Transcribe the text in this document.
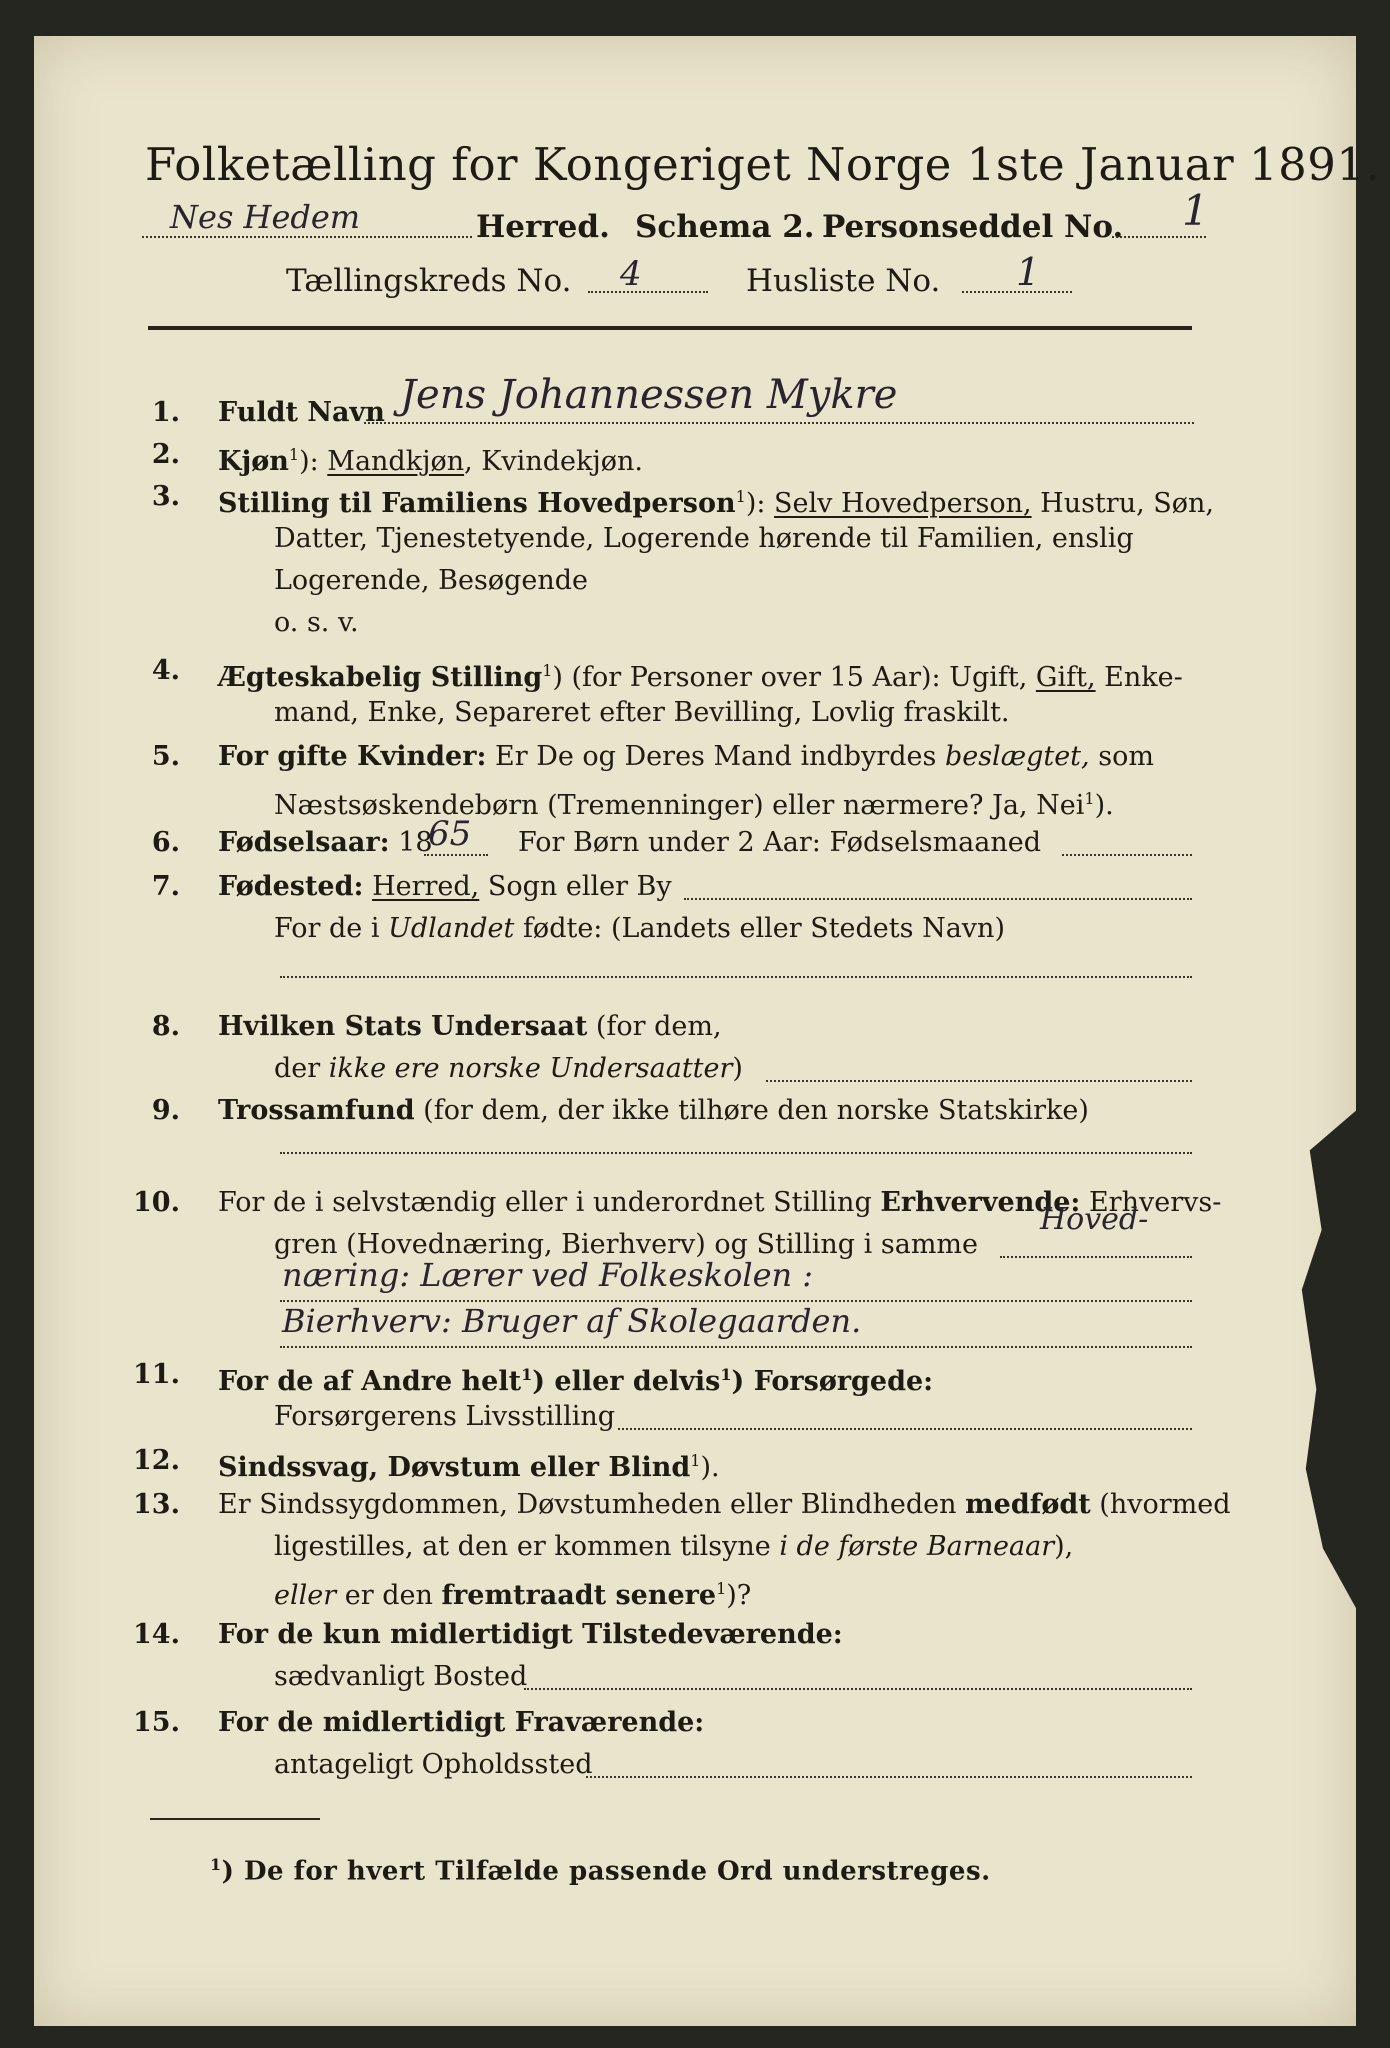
Folketælling for Kongeriget Norge 1ste Januar 1891.
Nes Hedem	Herred. Schema 2. Personseddel No. 1
Tællingskreds No. 4	Husliste No. 1
1. Fuldt Navn Jens Johannessen Mykre
2. Kjøn$^1$): Mandkjøn, Kvindekjøn.
3. Stilling til Familiens Hovedperson$^1$): Selv Hovedperson, Hustru, Søn,
Datter, Tjenestetyende, Logerende hørende til Familien, enslig
Logerende, Besøgende
o. s. v.
4. Ægteskabelig Stilling$^1$) (for Personer over 15 Aar): Ugift, Gift, Enke-
mand, Enke, Separeret efter Bevilling, Lovlig fraskilt.
5. For gifte Kvinder: Er De og Deres Mand indbyrdes beslægtet, som
Næstsøskendebørn (Tremenninger) eller nærmere? Ja, Nei$^1$).
6. Fødselsaar: 18
65 For Børn under 2 Aar: Fødselsmaaned
7. Fødested: Herred, Sogn eller By
For de i Udlandet fødte: (Landets eller Stedets Navn)
8. Hvilken Stats Undersaat (for dem,
der ikke ere norske Undersaatter)
9. Trossamfund (for dem, der ikke tilhøre den norske Statskirke)
10. For de i selvstændig eller i underordnet Stilling Erhvervende: Erhvervs-
gren (Hovednæring, Bierhverv) og Stilling i samme
Hoved-
næring: Lærer ved Folkeskolen :
Bierhverv: Bruger af Skolegaarden.
11. For de af Andre helt$^1$) eller delvis$^1$) Forsørgede:
Forsørgerens Livsstilling
12. Sindssvag, Døvstum eller Blind$^1$).
13. Er Sindssygdommen, Døvstumheden eller Blindheden medfødt (hvormed
ligestilles, at den er kommen tilsyne i de første Barneaar),
eller er den fremtraadt senere$^1$)?
14. For de kun midlertidigt Tilstedeværende:
sædvanligt Bosted
15. For de midlertidigt Fraværende:
antageligt Opholdssted
$^1$) De for hvert Tilfælde passende Ord understreges.
